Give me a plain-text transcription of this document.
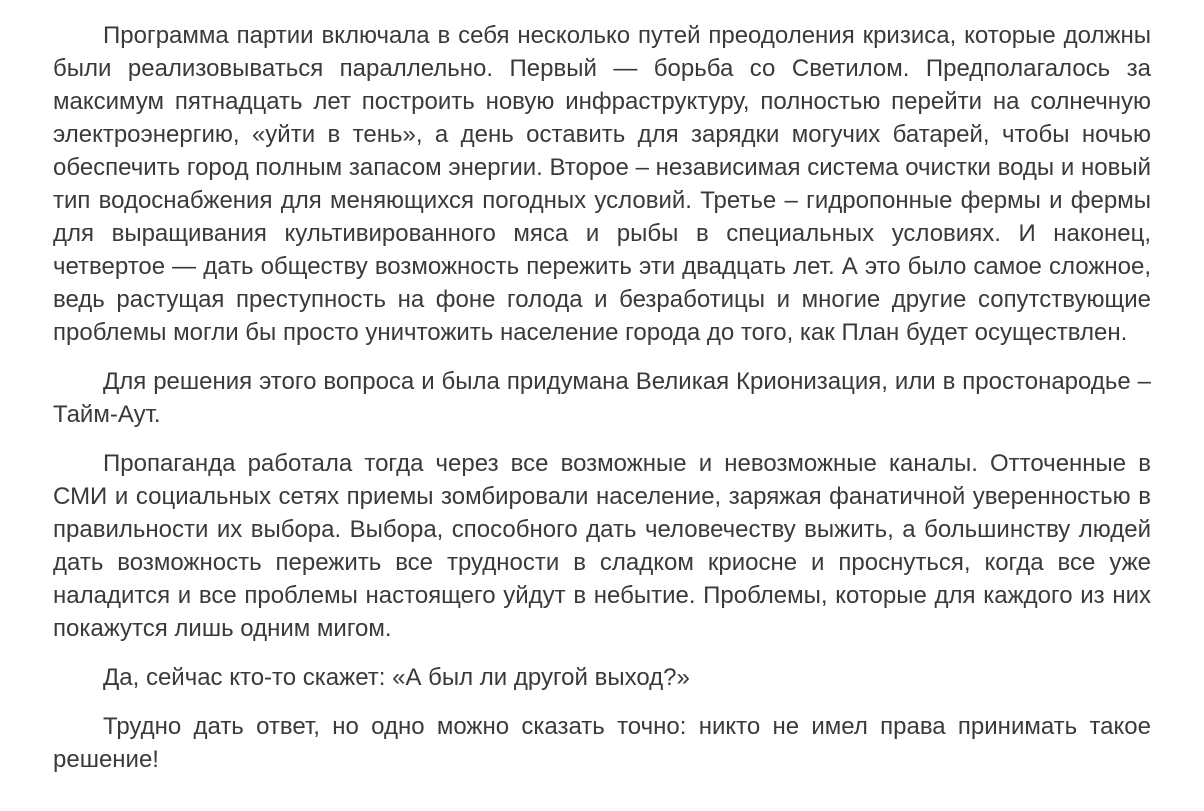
Программа партии включала в себя несколько путей преодоления кризиса, которые должны были реализовываться параллельно. Первый — борьба со Светилом. Предполагалось за максимум пятнадцать лет построить новую инфраструктуру, полностью перейти на солнечную электроэнергию, «уйти в тень», а день оставить для зарядки могучих батарей, чтобы ночью обеспечить город полным запасом энергии. Второе – независимая система очистки воды и новый тип водоснабжения для меняющихся погодных условий. Третье – гидропонные фермы и фермы для выращивания культивированного мяса и рыбы в специальных условиях. И наконец, четвертое — дать обществу возможность пережить эти двадцать лет. А это было самое сложное, ведь растущая преступность на фоне голода и безработицы и многие другие сопутствующие проблемы могли бы просто уничтожить население города до того, как План будет осуществлен.

Для решения этого вопроса и была придумана Великая Крионизация, или в простонародье – Тайм-Аут.

Пропаганда работала тогда через все возможные и невозможные каналы. Отточенные в СМИ и социальных сетях приемы зомбировали население, заряжая фанатичной уверенностью в правильности их выбора. Выбора, способного дать человечеству выжить, а большинству людей дать возможность пережить все трудности в сладком криосне и проснуться, когда все уже наладится и все проблемы настоящего уйдут в небытие. Проблемы, которые для каждого из них покажутся лишь одним мигом.

Да, сейчас кто-то скажет: «А был ли другой выход?»

Трудно дать ответ, но одно можно сказать точно: никто не имел права принимать такое решение!
